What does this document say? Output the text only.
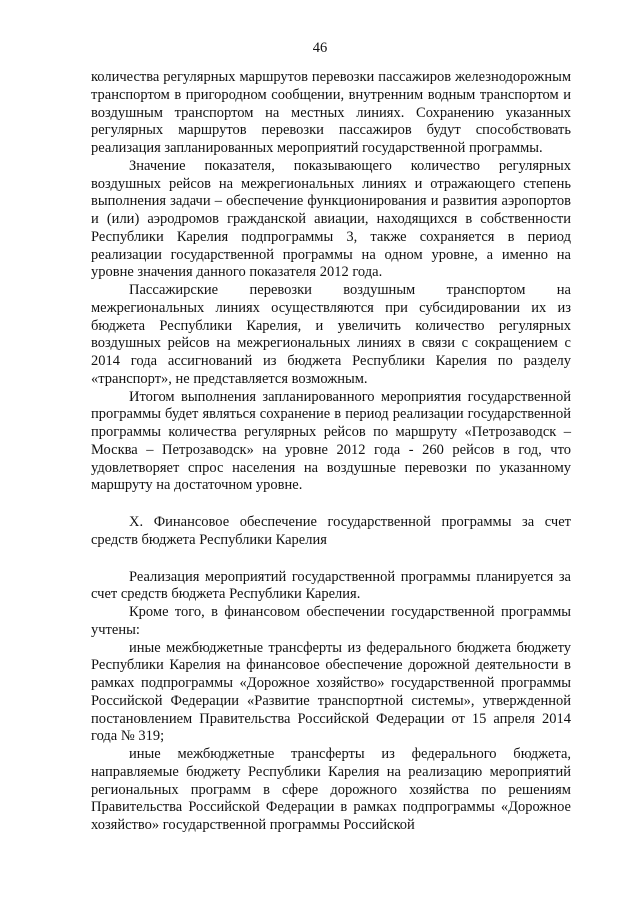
46

количества регулярных маршрутов перевозки пассажиров железнодорожным транспортом в пригородном сообщении, внутренним водным транспортом и воздушным транспортом на местных линиях. Сохранению указанных регулярных маршрутов перевозки пассажиров будут способствовать реализация запланированных мероприятий государственной программы.

Значение показателя, показывающего количество регулярных воздушных рейсов на межрегиональных линиях и отражающего степень выполнения задачи – обеспечение функционирования и развития аэропортов и (или) аэродромов гражданской авиации, находящихся в собственности Республики Карелия подпрограммы 3, также сохраняется в период реализации государственной программы на одном уровне, а именно на уровне значения данного показателя 2012 года.

Пассажирские перевозки воздушным транспортом на межрегиональных линиях осуществляются при субсидировании их из бюджета Республики Карелия, и увеличить количество регулярных воздушных рейсов на межрегиональных линиях в связи с сокращением с 2014 года ассигнований из бюджета Республики Карелия по разделу «транспорт», не представляется возможным.

Итогом выполнения запланированного мероприятия государственной программы будет являться сохранение в период реализации государственной программы количества регулярных рейсов по маршруту «Петрозаводск – Москва – Петрозаводск» на уровне 2012 года - 260 рейсов в год, что удовлетворяет спрос населения на воздушные перевозки по указанному маршруту на достаточном уровне.

X. Финансовое обеспечение государственной программы за счет средств бюджета Республики Карелия

Реализация мероприятий государственной программы планируется за счет средств бюджета Республики Карелия.

Кроме того, в финансовом обеспечении государственной программы учтены:

иные межбюджетные трансферты из федерального бюджета бюджету Республики Карелия на финансовое обеспечение дорожной деятельности в рамках подпрограммы «Дорожное хозяйство» государственной программы Российской Федерации «Развитие транспортной системы», утвержденной постановлением Правительства Российской Федерации от 15 апреля 2014 года № 319;

иные межбюджетные трансферты из федерального бюджета, направляемые бюджету Республики Карелия на реализацию мероприятий региональных программ в сфере дорожного хозяйства по решениям Правительства Российской Федерации в рамках подпрограммы «Дорожное хозяйство» государственной программы Российской
